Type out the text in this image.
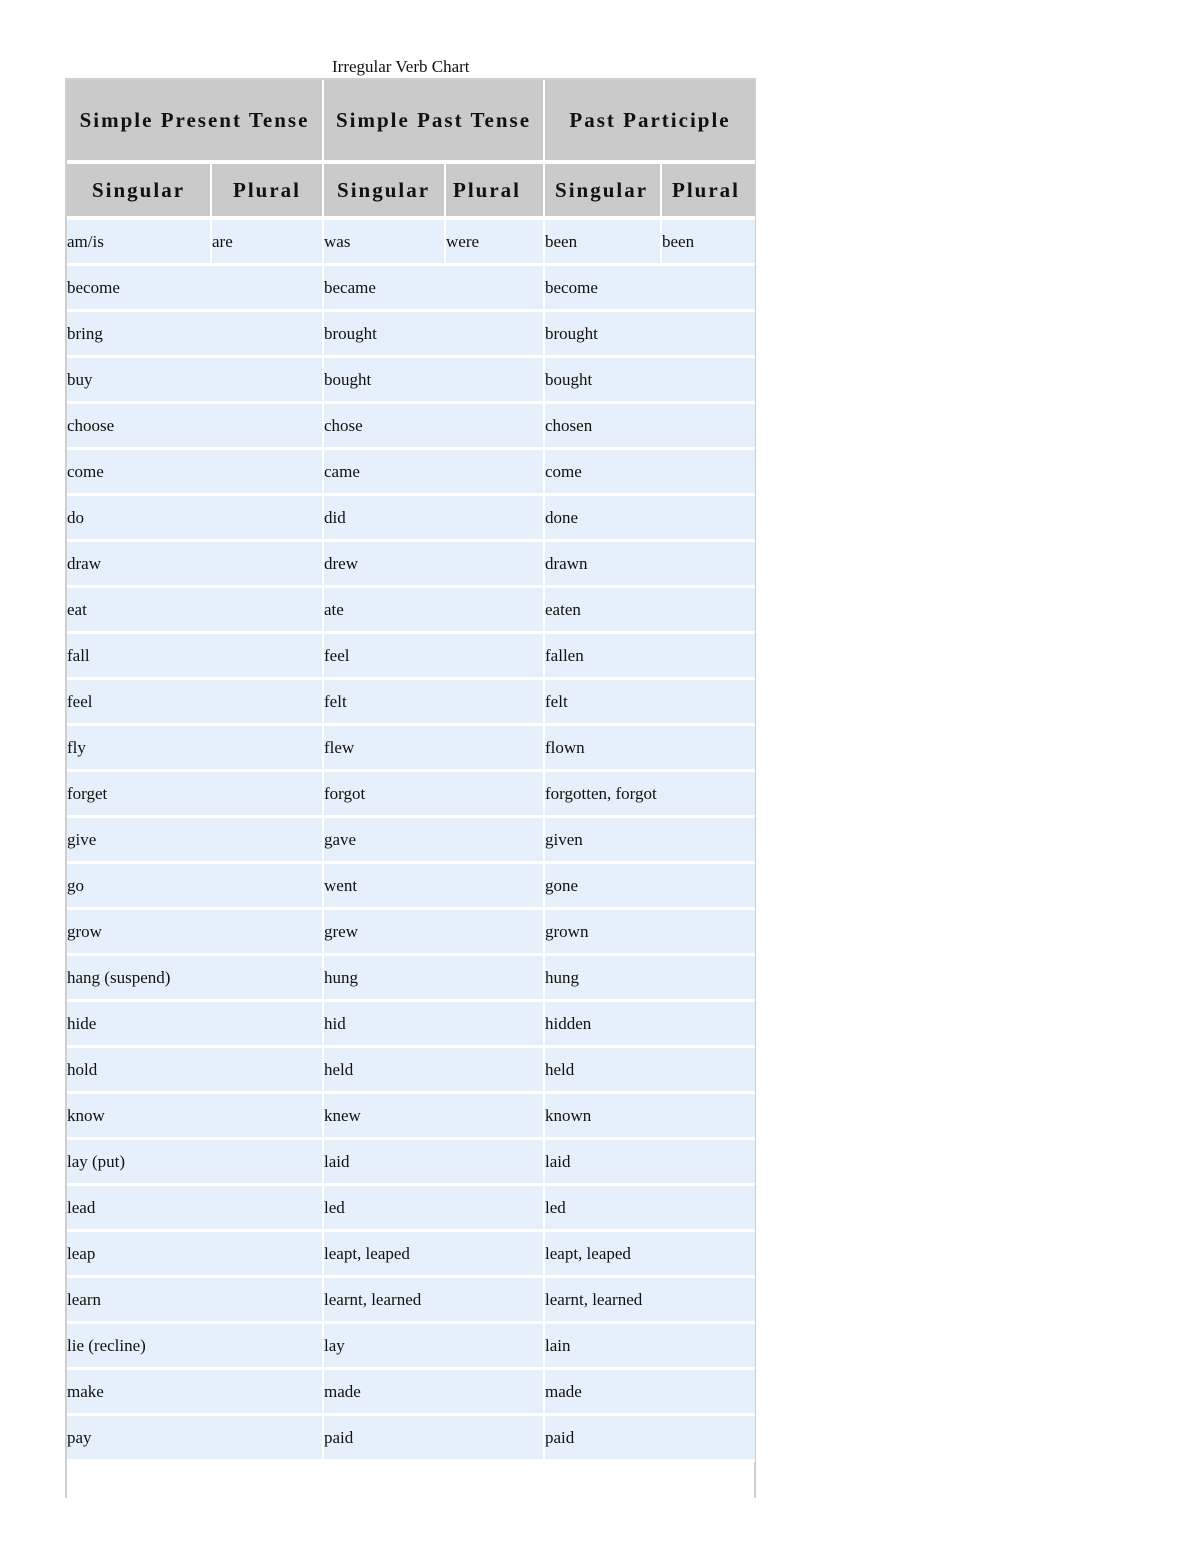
Irregular Verb Chart
Simple Present Tense		Simple Past Tense		Past Participle	
Singular	Plural	Singular	Plural	Singular	Plural
am/is	are	was	were	been	been
become		became		become	
bring		brought		brought	
buy		bought		bought	
choose		chose		chosen	
come		came		come	
do		did		done	
draw		drew		drawn	
eat		ate		eaten	
fall		feel		fallen	
feel		felt		felt	
fly		flew		flown	
forget		forgot		forgotten, forgot	
give		gave		given	
go		went		gone	
grow		grew		grown	
hang (suspend)		hung		hung	
hide		hid		hidden	
hold		held		held	
know		knew		known	
lay (put)		laid		laid	
lead		led		led	
leap		leapt, leaped		leapt, leaped	
learn		learnt, learned		learnt, learned	
lie (recline)		lay		lain	
make		made		made	
pay		paid		paid	
